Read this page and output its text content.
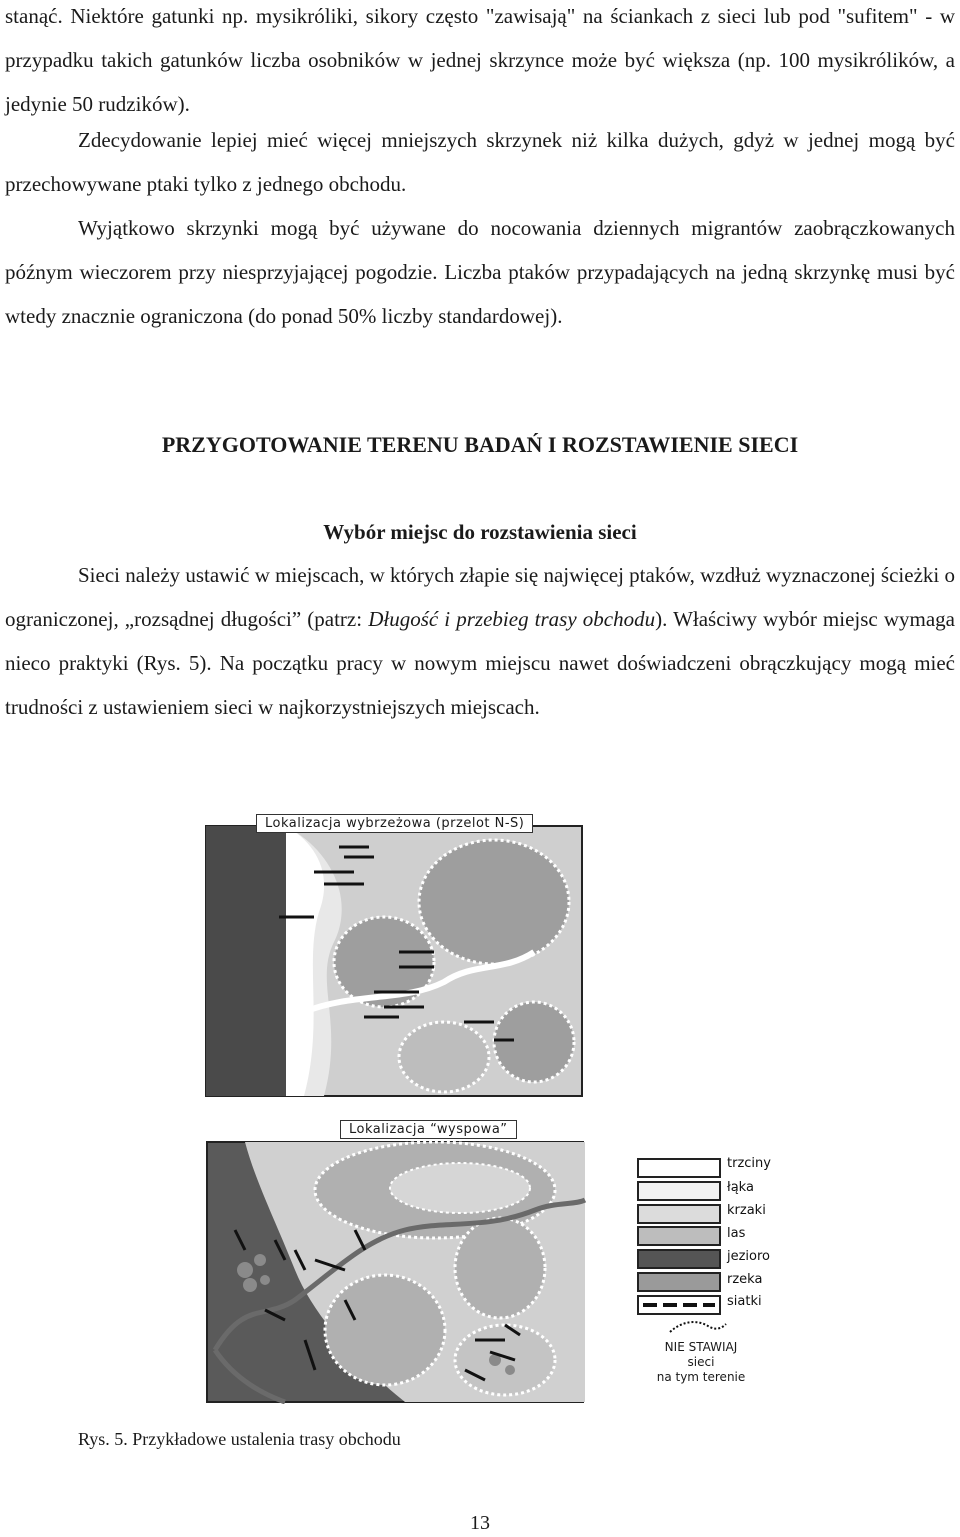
stanąć. Niektóre gatunki np. mysikróliki, sikory często "zawisają" na ściankach z sieci lub pod "sufitem" - w przypadku takich gatunków liczba osobników w jednej skrzynce może być większa (np. 100 mysikrólików, a jedynie 50 rudzików).

Zdecydowanie lepiej mieć więcej mniejszych skrzynek niż kilka dużych, gdyż w jednej mogą być przechowywane ptaki tylko z jednego obchodu.

Wyjątkowo skrzynki mogą być używane do nocowania dziennych migrantów zaobrączkowanych późnym wieczorem przy niesprzyjającej pogodzie. Liczba ptaków przypadających na jedną skrzynkę musi być wtedy znacznie ograniczona (do ponad 50% liczby standardowej).

PRZYGOTOWANIE TERENU BADAŃ I ROZSTAWIENIE SIECI
Wybór miejsc do rozstawienia sieci

Sieci należy ustawić w miejscach, w których złapie się najwięcej ptaków, wzdłuż wyznaczonej ścieżki o ograniczonej, „rozsądnej długości” (patrz: Długość i przebieg trasy obchodu). Właściwy wybór miejsc wymaga nieco praktyki (Rys. 5). Na początku pracy w nowym miejscu nawet doświadczeni obrączkujący mogą mieć trudności z ustawieniem sieci w najkorzystniejszych miejscach.

Lokalizacja wybrzeżowa (przelot N-S)
Lokalizacja “wyspowa”
trzciny
łąka
krzaki
las
jezioro
rzeka
siatki
NIE STAWIAJ
sieci
na tym terenie
Rys. 5. Przykładowe ustalenia trasy obchodu
13
